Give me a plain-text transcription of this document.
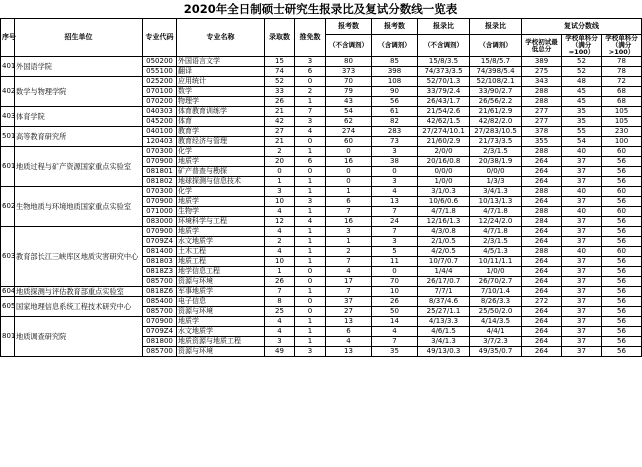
2020年全日制硕士研究生报录比及复试分数线一览表
序号	招生单位	专业代码	专业名称	录取数	推免数	报考数	报考数	报录比	报录比	复试分数线		
						（不含调剂）	（含调剂）	（不含调剂）	（含调剂）	学校初试最低总分	学校单科分（满分=100）	学校单科分（满分>100）
401	外国语学院	050200	外国语言文学	15	3	80	85	15/8/3.5	15/8/5.7	389	52	78
		055100	翻译	74	6	373	398	74/373/3.5	74/398/5.4	275	52	78
402	数学与物理学院	025200	应用统计	52	0	70	108	52/70/1.3	52/108/2.1	343	48	72
		070100	数学	33	2	79	90	33/79/2.4	33/90/2.7	288	45	68
		070200	物理学	26	1	43	56	26/43/1.7	26/56/2.2	288	45	68
403	体育学院	040303	体育教育训练学	21	7	54	61	21/54/2.6	21/61/2.9	277	35	105
		045200	体育	42	3	62	82	42/62/1.5	42/82/2.0	277	35	105
501	高等教育研究所	040100	教育学	27	4	274	283	27/274/10.1	27/283/10.5	378	55	230
		120403	教育经济与管理	21	0	60	73	21/60/2.9	21/73/3.5	355	54	100
601	地质过程与矿产资源国家重点实验室	070300	化学	2	1	0	3	2/0/0	2/3/1.5	288	40	60
		070900	地质学	20	6	16	38	20/16/0.8	20/38/1.9	264	37	56
		081801	矿产普查与勘探	0	0	0	0	0/0/0	0/0/0	264	37	56
		081802	地球探测与信息技术	1	1	0	3	1/0/0	1/3/3	264	37	56
602	生物地质与环境地质国家重点实验室	070300	化学	3	1	1	4	3/1/0.3	3/4/1.3	288	40	60
		070900	地质学	10	3	6	13	10/6/0.6	10/13/1.3	264	37	56
		071000	生物学	4	1	7	7	4/7/1.8	4/7/1.8	288	40	60
		083000	环境科学与工程	12	4	16	24	12/16/1.3	12/24/2.0	284	37	56
603	教育部长江三峡库区地质灾害研究中心	070900	地质学	4	1	3	7	4/3/0.8	4/7/1.8	264	37	56
		0709Z4	水文地质学	2	1	1	3	2/1/0.5	2/3/1.5	264	37	56
		081400	土木工程	4	1	2	5	4/2/0.5	4/5/1.3	288	40	60
		081803	地质工程	10	1	7	11	10/7/0.7	10/11/1.1	264	37	56
		0818Z3	地学信息工程	1	0	4	0	1/4/4	1/0/0	264	37	56
		085700	资源与环境	26	0	17	70	26/17/0.7	26/70/2.7	264	37	56
604	地质探测与评估教育部重点实验室	0818Z6	军事地质学	7	1	7	10	7/7/1	7/10/1.4	264	37	56
605	国家地理信息系统工程技术研究中心	085400	电子信息	8	0	37	26	8/37/4.6	8/26/3.3	272	37	56
		085700	资源与环境	25	0	27	50	25/27/1.1	25/50/2.0	264	37	56
801	地质调查研究院	070900	地质学	4	1	13	14	4/13/3.3	4/14/3.5	264	37	56
		0709Z4	水文地质学	4	1	6	4	4/6/1.5	4/4/1	264	37	56
		081800	地质资源与地质工程	3	1	4	7	3/4/1.3	3/7/2.3	264	37	56
		085700	资源与环境	49	3	13	35	49/13/0.3	49/35/0.7	264	37	56
